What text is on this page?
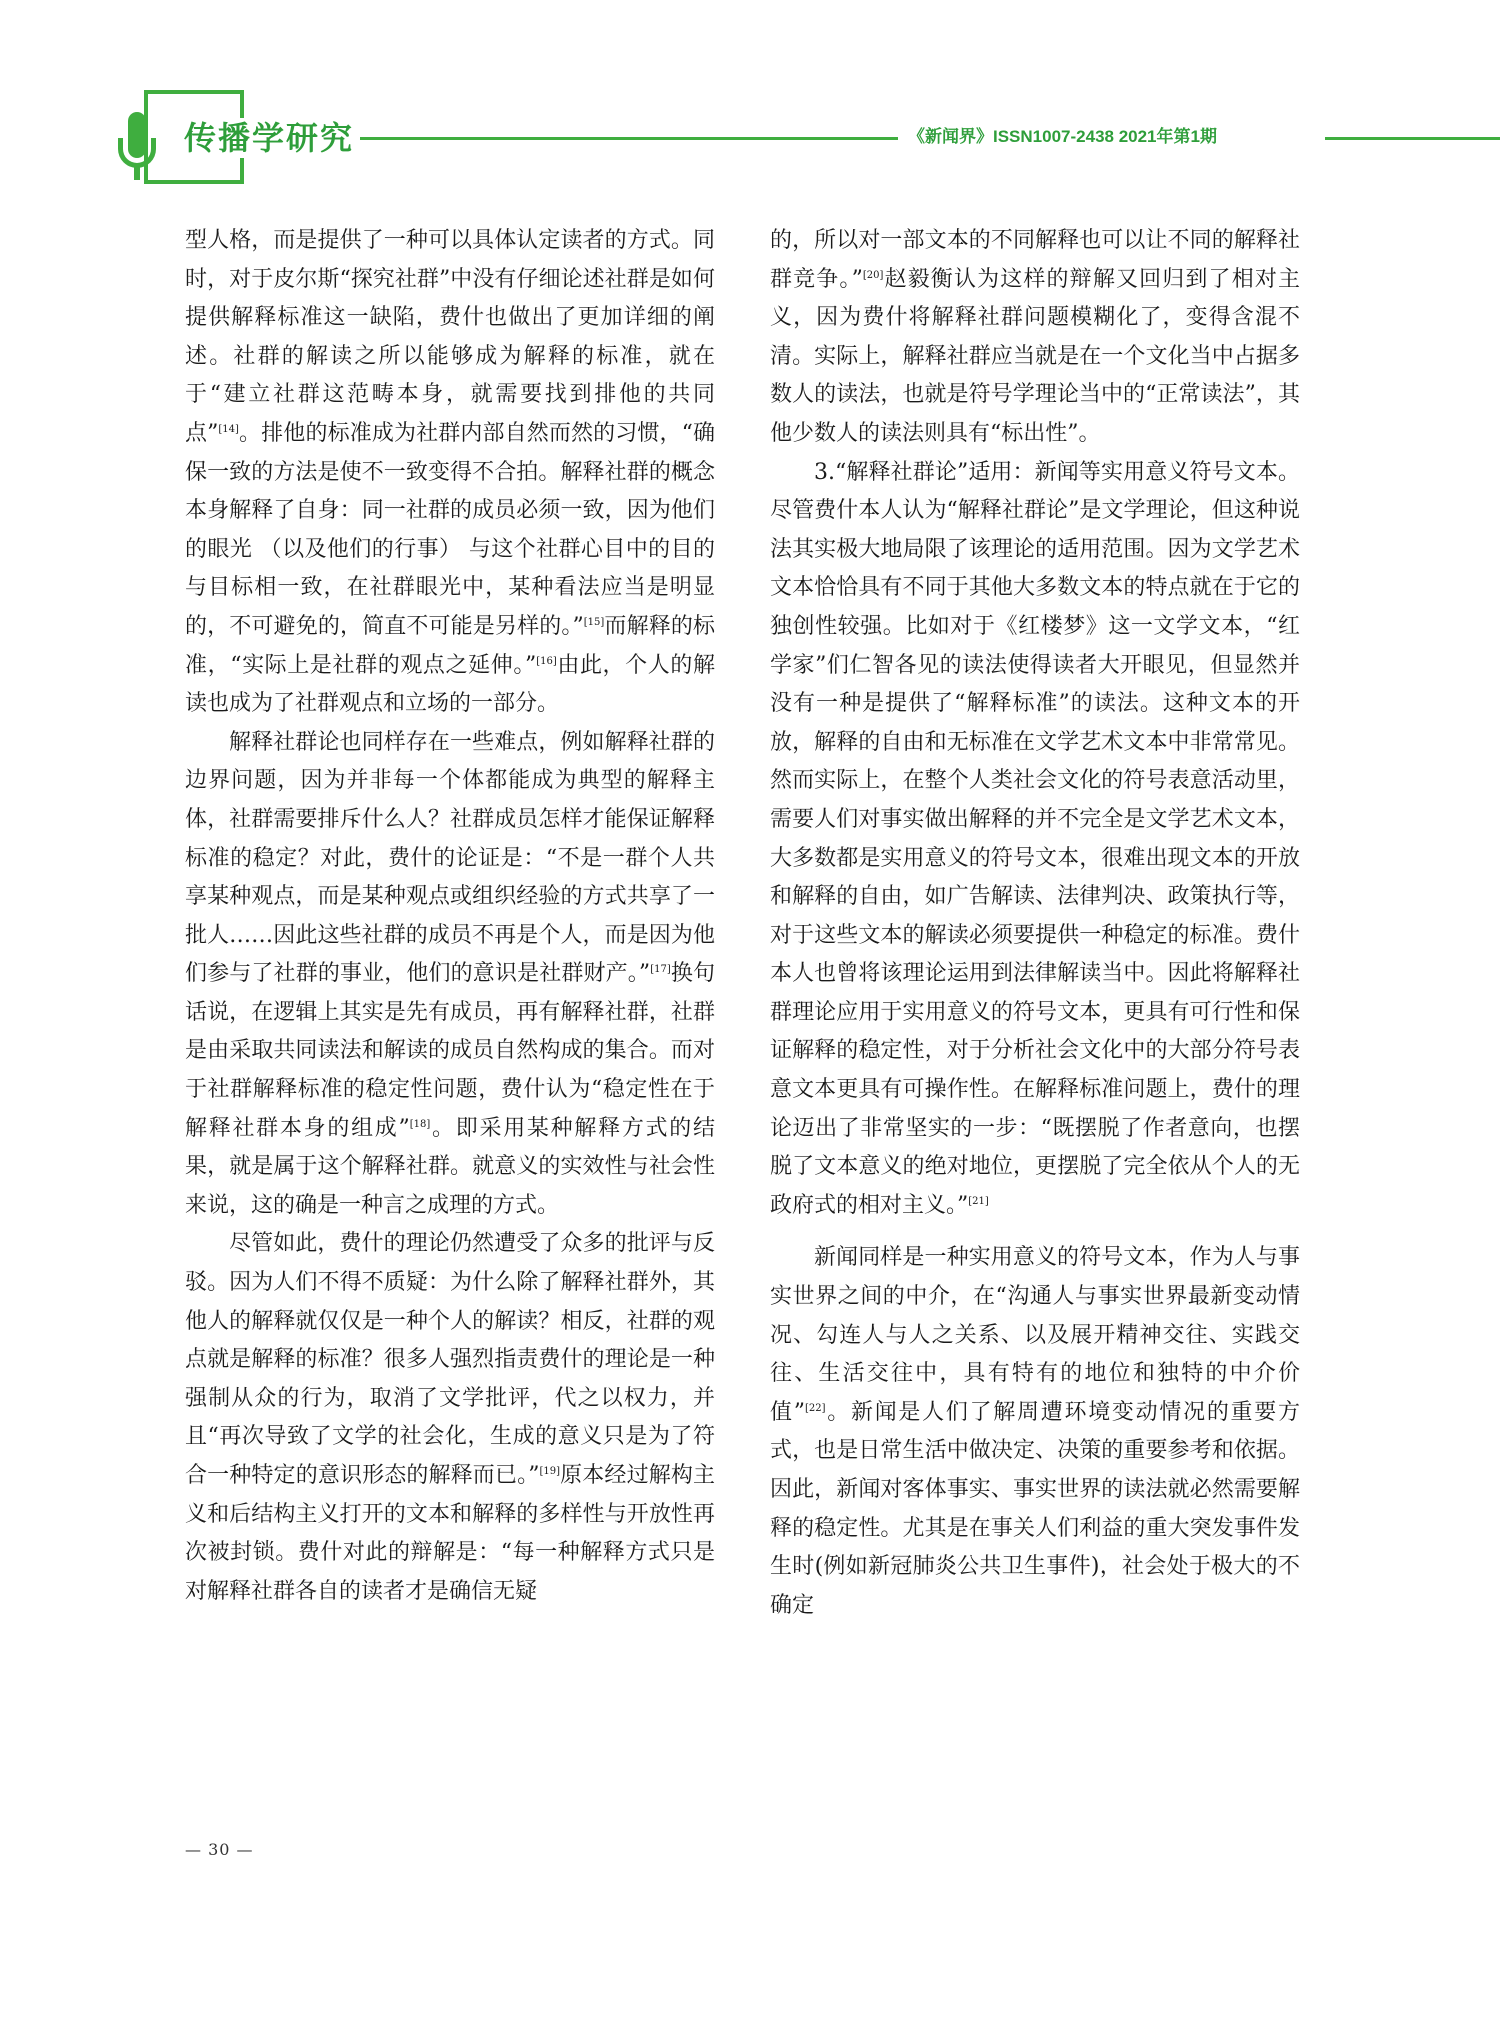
传播学研究	《新闻界》ISSN1007-2438 2021年第1期

型人格，而是提供了一种可以具体认定读者的方式。同时，对于皮尔斯“探究社群”中没有仔细论述社群是如何提供解释标准这一缺陷，费什也做出了更加详细的阐述。社群的解读之所以能够成为解释的标准，就在于“建立社群这范畴本身，就需要找到排他的共同点”[14]。排他的标准成为社群内部自然而然的习惯，“确保一致的方法是使不一致变得不合拍。解释社群的概念本身解释了自身：同一社群的成员必须一致，因为他们的眼光 （以及他们的行事） 与这个社群心目中的目的与目标相一致，在社群眼光中，某种看法应当是明显的，不可避免的，简直不可能是另样的。”[15]而解释的标准，“实际上是社群的观点之延伸。”[16]由此，个人的解读也成为了社群观点和立场的一部分。

解释社群论也同样存在一些难点，例如解释社群的边界问题，因为并非每一个体都能成为典型的解释主体，社群需要排斥什么人？社群成员怎样才能保证解释标准的稳定？对此，费什的论证是：“不是一群个人共享某种观点，而是某种观点或组织经验的方式共享了一批人……因此这些社群的成员不再是个人，而是因为他们参与了社群的事业，他们的意识是社群财产。”[17]换句话说，在逻辑上其实是先有成员，再有解释社群，社群是由采取共同读法和解读的成员自然构成的集合。而对于社群解释标准的稳定性问题，费什认为“稳定性在于解释社群本身的组成”[18]。即采用某种解释方式的结果，就是属于这个解释社群。就意义的实效性与社会性来说，这的确是一种言之成理的方式。

尽管如此，费什的理论仍然遭受了众多的批评与反驳。因为人们不得不质疑：为什么除了解释社群外，其他人的解释就仅仅是一种个人的解读？相反，社群的观点就是解释的标准？很多人强烈指责费什的理论是一种强制从众的行为，取消了文学批评，代之以权力，并且“再次导致了文学的社会化，生成的意义只是为了符合一种特定的意识形态的解释而已。”[19]原本经过解构主义和后结构主义打开的文本和解释的多样性与开放性再次被封锁。费什对此的辩解是：“每一种解释方式只是对解释社群各自的读者才是确信无疑

的，所以对一部文本的不同解释也可以让不同的解释社群竞争。”[20]赵毅衡认为这样的辩解又回归到了相对主义，因为费什将解释社群问题模糊化了，变得含混不清。实际上，解释社群应当就是在一个文化当中占据多数人的读法，也就是符号学理论当中的“正常读法”，其他少数人的读法则具有“标出性”。

3.“解释社群论”适用：新闻等实用意义符号文本。尽管费什本人认为“解释社群论”是文学理论，但这种说法其实极大地局限了该理论的适用范围。因为文学艺术文本恰恰具有不同于其他大多数文本的特点就在于它的独创性较强。比如对于《红楼梦》这一文学文本，“红学家”们仁智各见的读法使得读者大开眼见，但显然并没有一种是提供了“解释标准”的读法。这种文本的开放，解释的自由和无标准在文学艺术文本中非常常见。然而实际上，在整个人类社会文化的符号表意活动里，需要人们对事实做出解释的并不完全是文学艺术文本，大多数都是实用意义的符号文本，很难出现文本的开放和解释的自由，如广告解读、法律判决、政策执行等，对于这些文本的解读必须要提供一种稳定的标准。费什本人也曾将该理论运用到法律解读当中。因此将解释社群理论应用于实用意义的符号文本，更具有可行性和保证解释的稳定性，对于分析社会文化中的大部分符号表意文本更具有可操作性。在解释标准问题上，费什的理论迈出了非常坚实的一步：“既摆脱了作者意向，也摆脱了文本意义的绝对地位，更摆脱了完全依从个人的无政府式的相对主义。”[21]

新闻同样是一种实用意义的符号文本，作为人与事实世界之间的中介，在“沟通人与事实世界最新变动情况、勾连人与人之关系、以及展开精神交往、实践交往、生活交往中，具有特有的地位和独特的中介价值”[22]。新闻是人们了解周遭环境变动情况的重要方式，也是日常生活中做决定、决策的重要参考和依据。因此，新闻对客体事实、事实世界的读法就必然需要解释的稳定性。尤其是在事关人们利益的重大突发事件发生时(例如新冠肺炎公共卫生事件)，社会处于极大的不确定

— 30 —
